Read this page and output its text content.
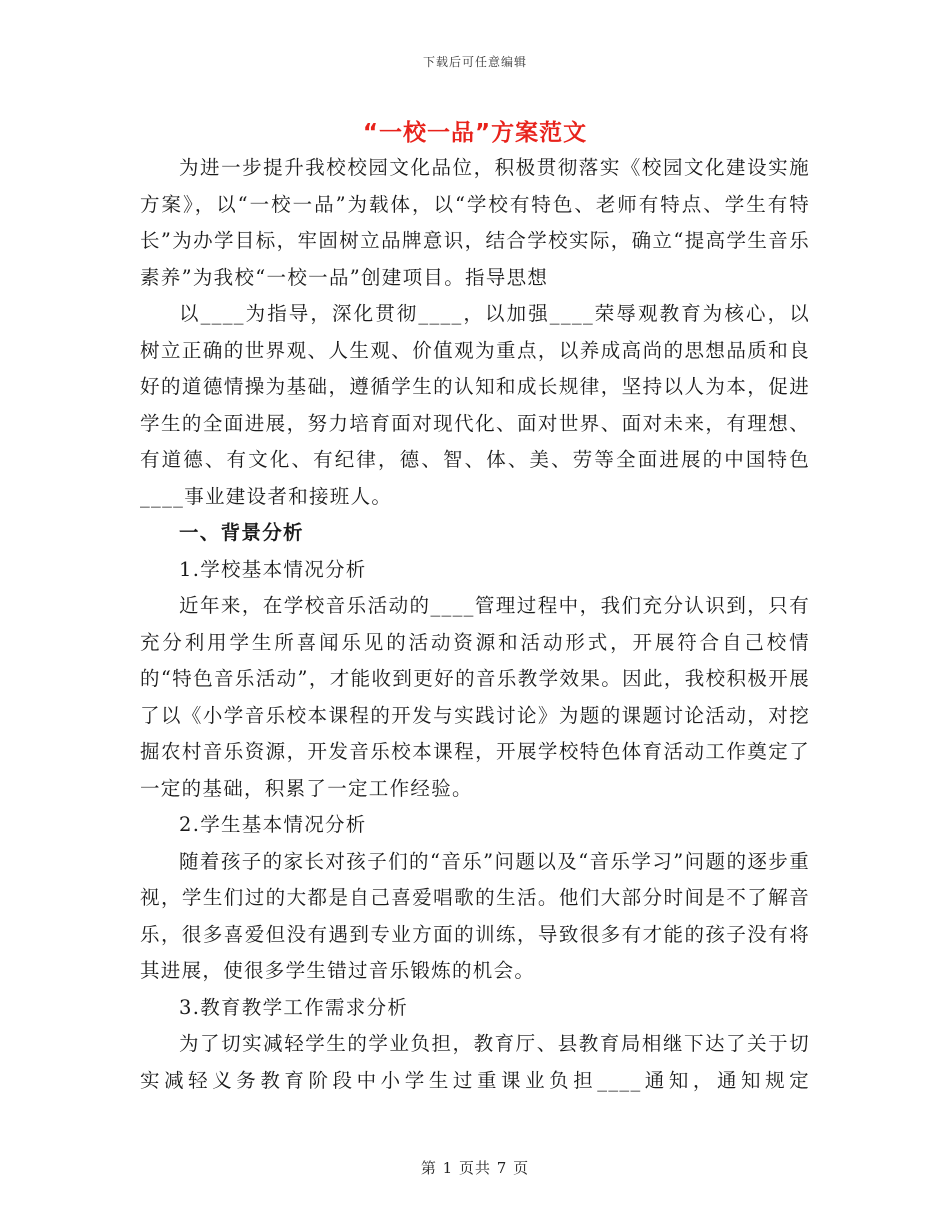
下载后可任意编辑
“一校一品”方案范文

为进一步提升我校校园文化品位，积极贯彻落实《校园文化建设实施方案》，以“一校一品”为载体，以“学校有特色、老师有特点、学生有特长”为办学目标，牢固树立品牌意识，结合学校实际，确立“提高学生音乐素养”为我校“一校一品”创建项目。指导思想

以____为指导，深化贯彻____，以加强____荣辱观教育为核心，以树立正确的世界观、人生观、价值观为重点，以养成高尚的思想品质和良好的道德情操为基础，遵循学生的认知和成长规律，坚持以人为本，促进学生的全面进展，努力培育面对现代化、面对世界、面对未来，有理想、有道德、有文化、有纪律，德、智、体、美、劳等全面进展的中国特色____事业建设者和接班人。

一、背景分析

1.学校基本情况分析

近年来，在学校音乐活动的____管理过程中，我们充分认识到，只有充分利用学生所喜闻乐见的活动资源和活动形式，开展符合自己校情的“特色音乐活动”，才能收到更好的音乐教学效果。因此，我校积极开展了以《小学音乐校本课程的开发与实践讨论》为题的课题讨论活动，对挖掘农村音乐资源，开发音乐校本课程，开展学校特色体育活动工作奠定了一定的基础，积累了一定工作经验。

2.学生基本情况分析

随着孩子的家长对孩子们的“音乐”问题以及“音乐学习”问题的逐步重视，学生们过的大都是自己喜爱唱歌的生活。他们大部分时间是不了解音乐，很多喜爱但没有遇到专业方面的训练，导致很多有才能的孩子没有将其进展，使很多学生错过音乐锻炼的机会。

3.教育教学工作需求分析

为了切实减轻学生的学业负担，教育厅、县教育局相继下达了关于切实减轻义务教育阶段中小学生过重课业负担____通知，通知规定

第 1 页共 7 页
